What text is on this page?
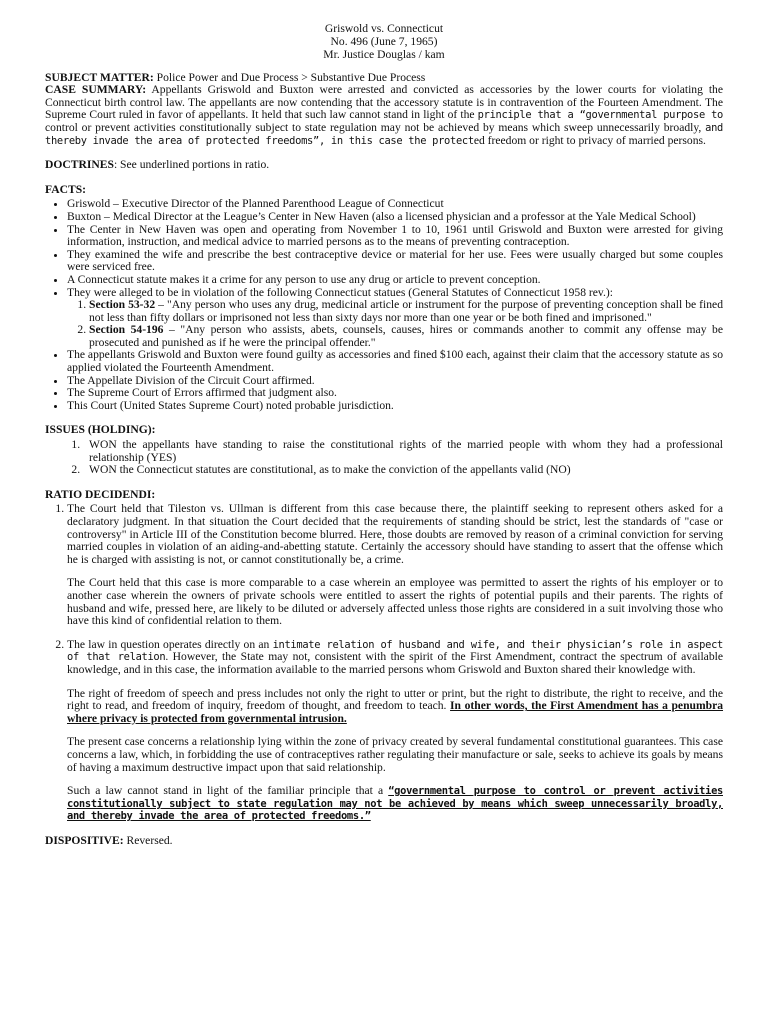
Griswold vs. Connecticut
No. 496 (June 7, 1965)
Mr. Justice Douglas / kam

SUBJECT MATTER: Police Power and Due Process > Substantive Due Process

CASE SUMMARY: Appellants Griswold and Buxton were arrested and convicted as accessories by the lower courts for violating the Connecticut birth control law. The appellants are now contending that the accessory statute is in contravention of the Fourteen Amendment. The Supreme Court ruled in favor of appellants. It held that such law cannot stand in light of the principle that a “governmental purpose to control or prevent activities constitutionally subject to state regulation may not be achieved by means which sweep unnecessarily broadly, and thereby invade the area of protected freedoms”, in this case the protected freedom or right to privacy of married persons.

DOCTRINES: See underlined portions in ratio.

FACTS:
• Griswold – Executive Director of the Planned Parenthood League of Connecticut
• Buxton – Medical Director at the League’s Center in New Haven (also a licensed physician and a professor at the Yale Medical School)
• The Center in New Haven was open and operating from November 1 to 10, 1961 until Griswold and Buxton were arrested for giving information, instruction, and medical advice to married persons as to the means of preventing contraception.
• They examined the wife and prescribe the best contraceptive device or material for her use. Fees were usually charged but some couples were serviced free.
• A Connecticut statute makes it a crime for any person to use any drug or article to prevent conception.
• They were alleged to be in violation of the following Connecticut statues (General Statutes of Connecticut 1958 rev.):
1. Section 53-32 – "Any person who uses any drug, medicinal article or instrument for the purpose of preventing conception shall be fined not less than fifty dollars or imprisoned not less than sixty days nor more than one year or be both fined and imprisoned."
2. Section 54-196 – "Any person who assists, abets, counsels, causes, hires or commands another to commit any offense may be prosecuted and punished as if he were the principal offender."
• The appellants Griswold and Buxton were found guilty as accessories and fined $100 each, against their claim that the accessory statute as so applied violated the Fourteenth Amendment.
• The Appellate Division of the Circuit Court affirmed.
• The Supreme Court of Errors affirmed that judgment also.
• This Court (United States Supreme Court) noted probable jurisdiction.
ISSUES (HOLDING):
1. WON the appellants have standing to raise the constitutional rights of the married people with whom they had a professional relationship (YES)
2. WON the Connecticut statutes are constitutional, as to make the conviction of the appellants valid (NO)
RATIO DECIDENDI:

1. The Court held that Tileston vs. Ullman is different from this case because there, the plaintiff seeking to represent others asked for a declaratory judgment. In that situation the Court decided that the requirements of standing should be strict, lest the standards of "case or controversy" in Article III of the Constitution become blurred. Here, those doubts are removed by reason of a criminal conviction for serving married couples in violation of an aiding-and-abetting statute. Certainly the accessory should have standing to assert that the offense which he is charged with assisting is not, or cannot constitutionally be, a crime.

The Court held that this case is more comparable to a case wherein an employee was permitted to assert the rights of his employer or to another case wherein the owners of private schools were entitled to assert the rights of potential pupils and their parents. The rights of husband and wife, pressed here, are likely to be diluted or adversely affected unless those rights are considered in a suit involving those who have this kind of confidential relation to them.

2. The law in question operates directly on an intimate relation of husband and wife, and their physician’s role in aspect of that relation. However, the State may not, consistent with the spirit of the First Amendment, contract the spectrum of available knowledge, and in this case, the information available to the married persons whom Griswold and Buxton shared their knowledge with.

The right of freedom of speech and press includes not only the right to utter or print, but the right to distribute, the right to receive, and the right to read, and freedom of inquiry, freedom of thought, and freedom to teach. In other words, the First Amendment has a penumbra where privacy is protected from governmental intrusion.

The present case concerns a relationship lying within the zone of privacy created by several fundamental constitutional guarantees. This case concerns a law, which, in forbidding the use of contraceptives rather regulating their manufacture or sale, seeks to achieve its goals by means of having a maximum destructive impact upon that said relationship.

Such a law cannot stand in light of the familiar principle that a “governmental purpose to control or prevent activities constitutionally subject to state regulation may not be achieved by means which sweep unnecessarily broadly, and thereby invade the area of protected freedoms.”

DISPOSITIVE: Reversed.
